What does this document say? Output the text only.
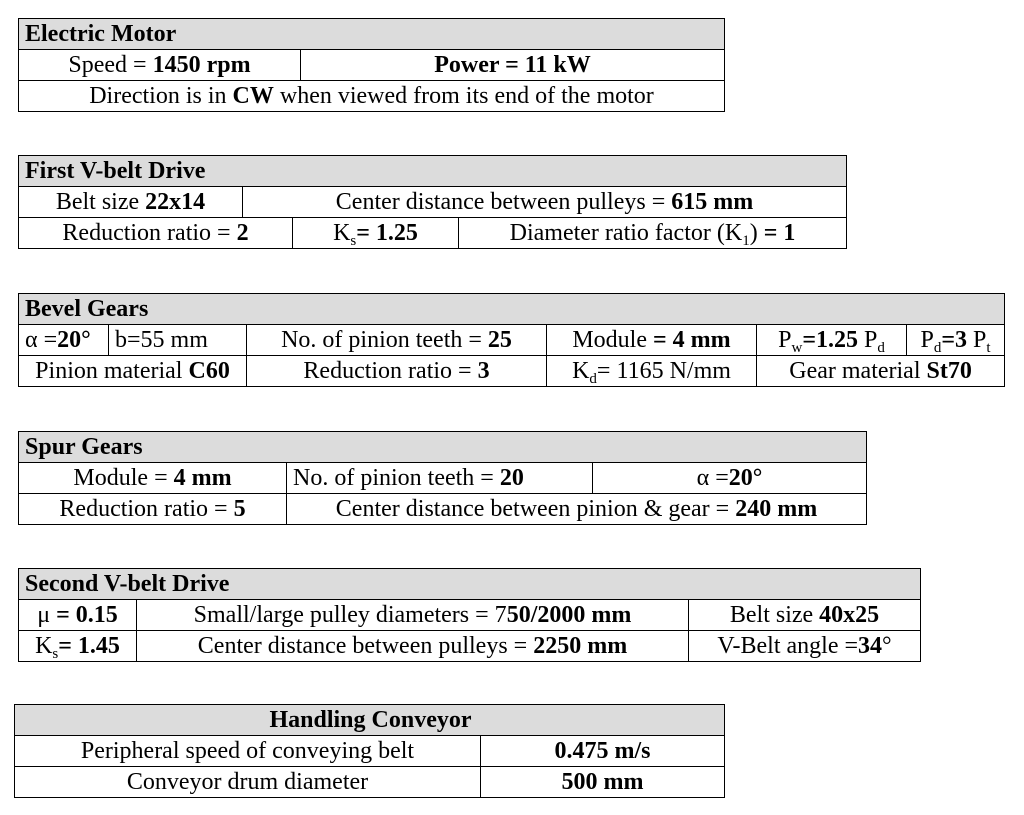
Electric Motor
Speed = 1450 rpm	Power = 11 kW
Direction is in CW when viewed from its end of the motor
First V-belt Drive			
Belt size 22x14	Center distance between pulleys = 615 mm		
Reduction ratio = 2		$K_s= 1.25$	Diameter ratio factor $(K_1) = 1$
Bevel Gears					
α =20°	b=55 mm	No. of pinion teeth = 25	Module = 4 mm	$P_w=1.25$ $P_d$	$P_d=3$ $P_t$
Pinion material C60		Reduction ratio = 3	$K_d= 1165$ N/mm	Gear material St70	
Spur Gears		
Module = 4 mm	No. of pinion teeth = 20	α =20°
Reduction ratio = 5	Center distance between pinion & gear = 240 mm	
Second V-belt Drive		
μ = 0.15	Small/large pulley diameters = 750/2000 mm	Belt size 40x25
$K_s= 1.45$	Center distance between pulleys = 2250 mm	V-Belt angle =34°
Handling Conveyor	
Peripheral speed of conveying belt	0.475 m/s
Conveyor drum diameter	500 mm
